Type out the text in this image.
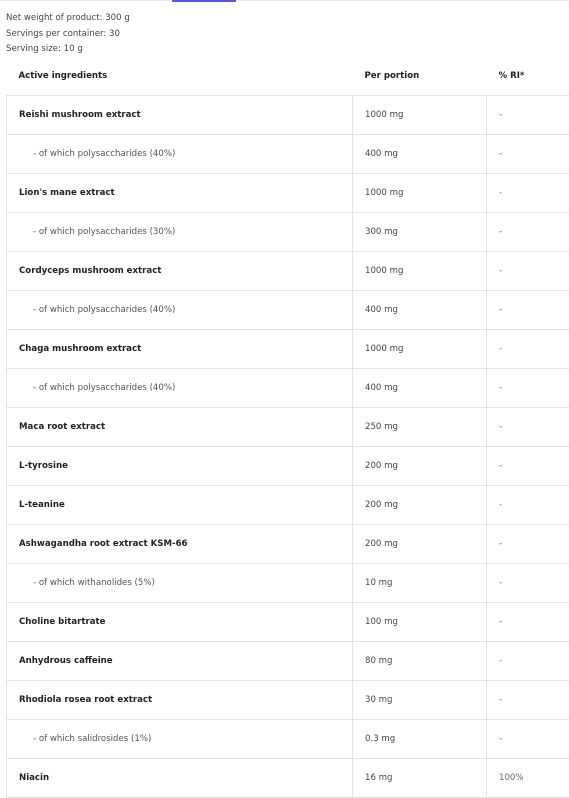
Net weight of product: 300 g
Servings per container: 30
Serving size: 10 g
Active ingredients	Per portion	% RI*
Reishi mushroom extract	1000 mg	-
- of which polysaccharides (40%)	400 mg	-
Lion's mane extract	1000 mg	-
- of which polysaccharides (30%)	300 mg	-
Cordyceps mushroom extract	1000 mg	-
- of which polysaccharides (40%)	400 mg	-
Chaga mushroom extract	1000 mg	-
- of which polysaccharides (40%)	400 mg	-
Maca root extract	250 mg	-
L-tyrosine	200 mg	-
L-teanine	200 mg	-
Ashwagandha root extract KSM-66	200 mg	-
- of which withanolides (5%)	10 mg	-
Choline bitartrate	100 mg	-
Anhydrous caffeine	80 mg	-
Rhodiola rosea root extract	30 mg	-
- of which salidrosides (1%)	0.3 mg	-
Niacin	16 mg	100%
